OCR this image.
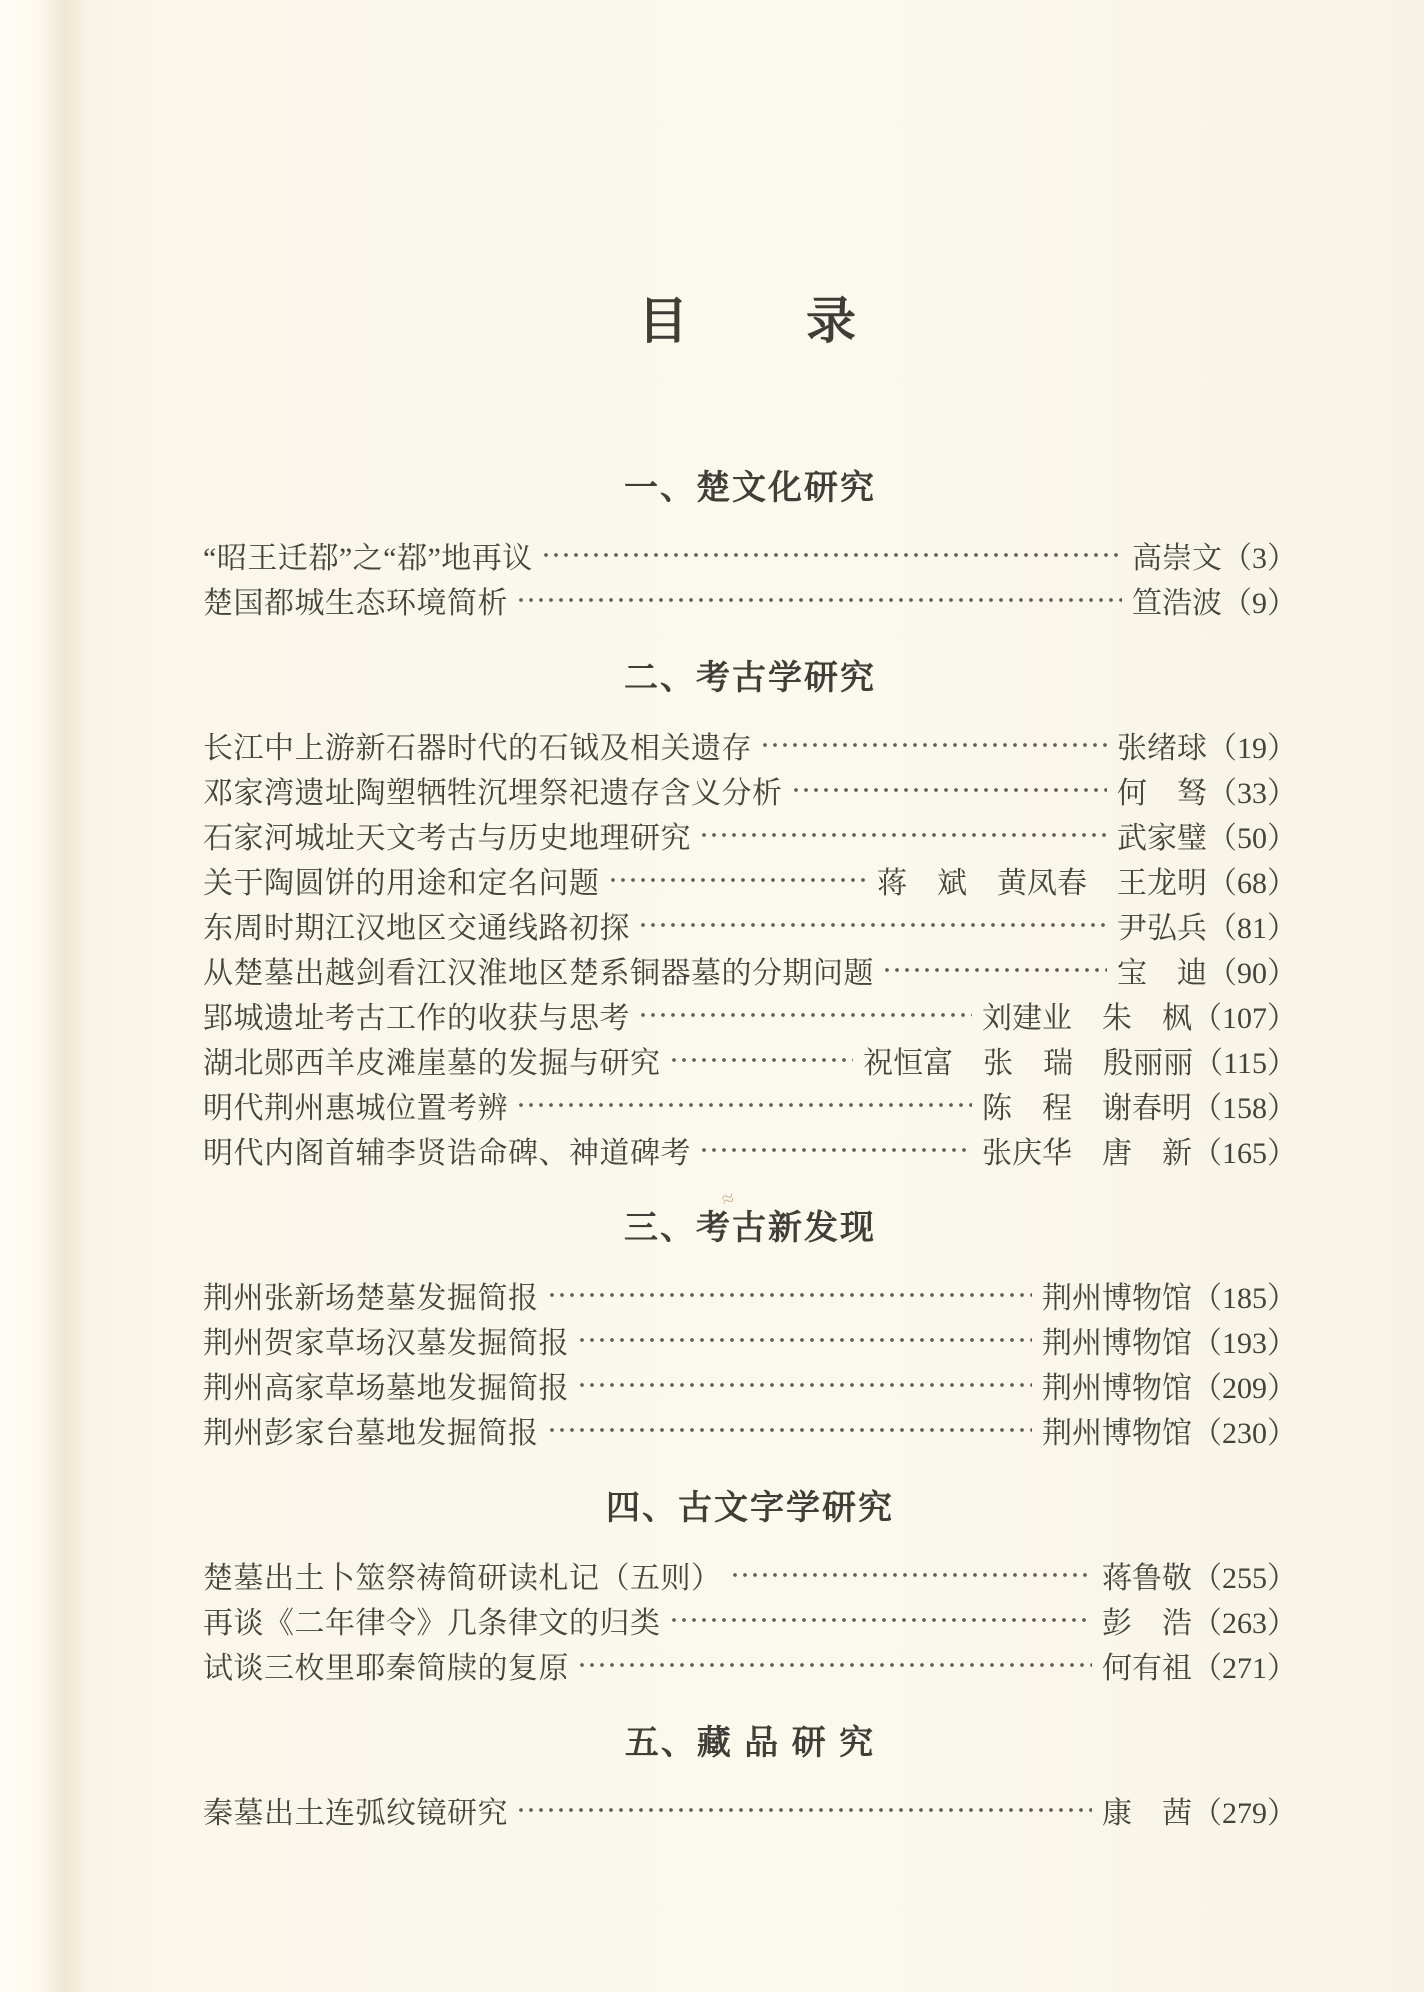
目　　录
一、楚文化研究
“昭王迁鄀”之“鄀”地再议	高崇文 （3）
楚国都城生态环境简析	笪浩波 （9）
二、考古学研究
长江中上游新石器时代的石钺及相关遗存	张绪球 （19）
邓家湾遗址陶塑牺牲沉埋祭祀遗存含义分析	何　驽 （33）
石家河城址天文考古与历史地理研究	武家璧 （50）
关于陶圆饼的用途和定名问题	蒋　斌　黄凤春　王龙明 （68）
东周时期江汉地区交通线路初探	尹弘兵 （81）
从楚墓出越剑看江汉淮地区楚系铜器墓的分期问题	宝　迪 （90）
郢城遗址考古工作的收获与思考	刘建业　朱　枫 （107）
湖北郧西羊皮滩崖墓的发掘与研究	祝恒富　张　瑞　殷丽丽 （115）
明代荆州惠城位置考辨	陈　程　谢春明 （158）
明代内阁首辅李贤诰命碑、神道碑考	张庆华　唐　新 （165）
三、考古新发现
荆州张新场楚墓发掘简报	荆州博物馆 （185）
荆州贺家草场汉墓发掘简报	荆州博物馆 （193）
荆州高家草场墓地发掘简报	荆州博物馆 （209）
荆州彭家台墓地发掘简报	荆州博物馆 （230）
四、古文字学研究
楚墓出土卜筮祭祷简研读札记（五则）	蒋鲁敬 （255）
再谈《二年律令》几条律文的归类	彭　浩 （263）
试谈三枚里耶秦简牍的复原	何有祖 （271）
五、藏 品 研 究
秦墓出土连弧纹镜研究	康　茜 （279）
≈
